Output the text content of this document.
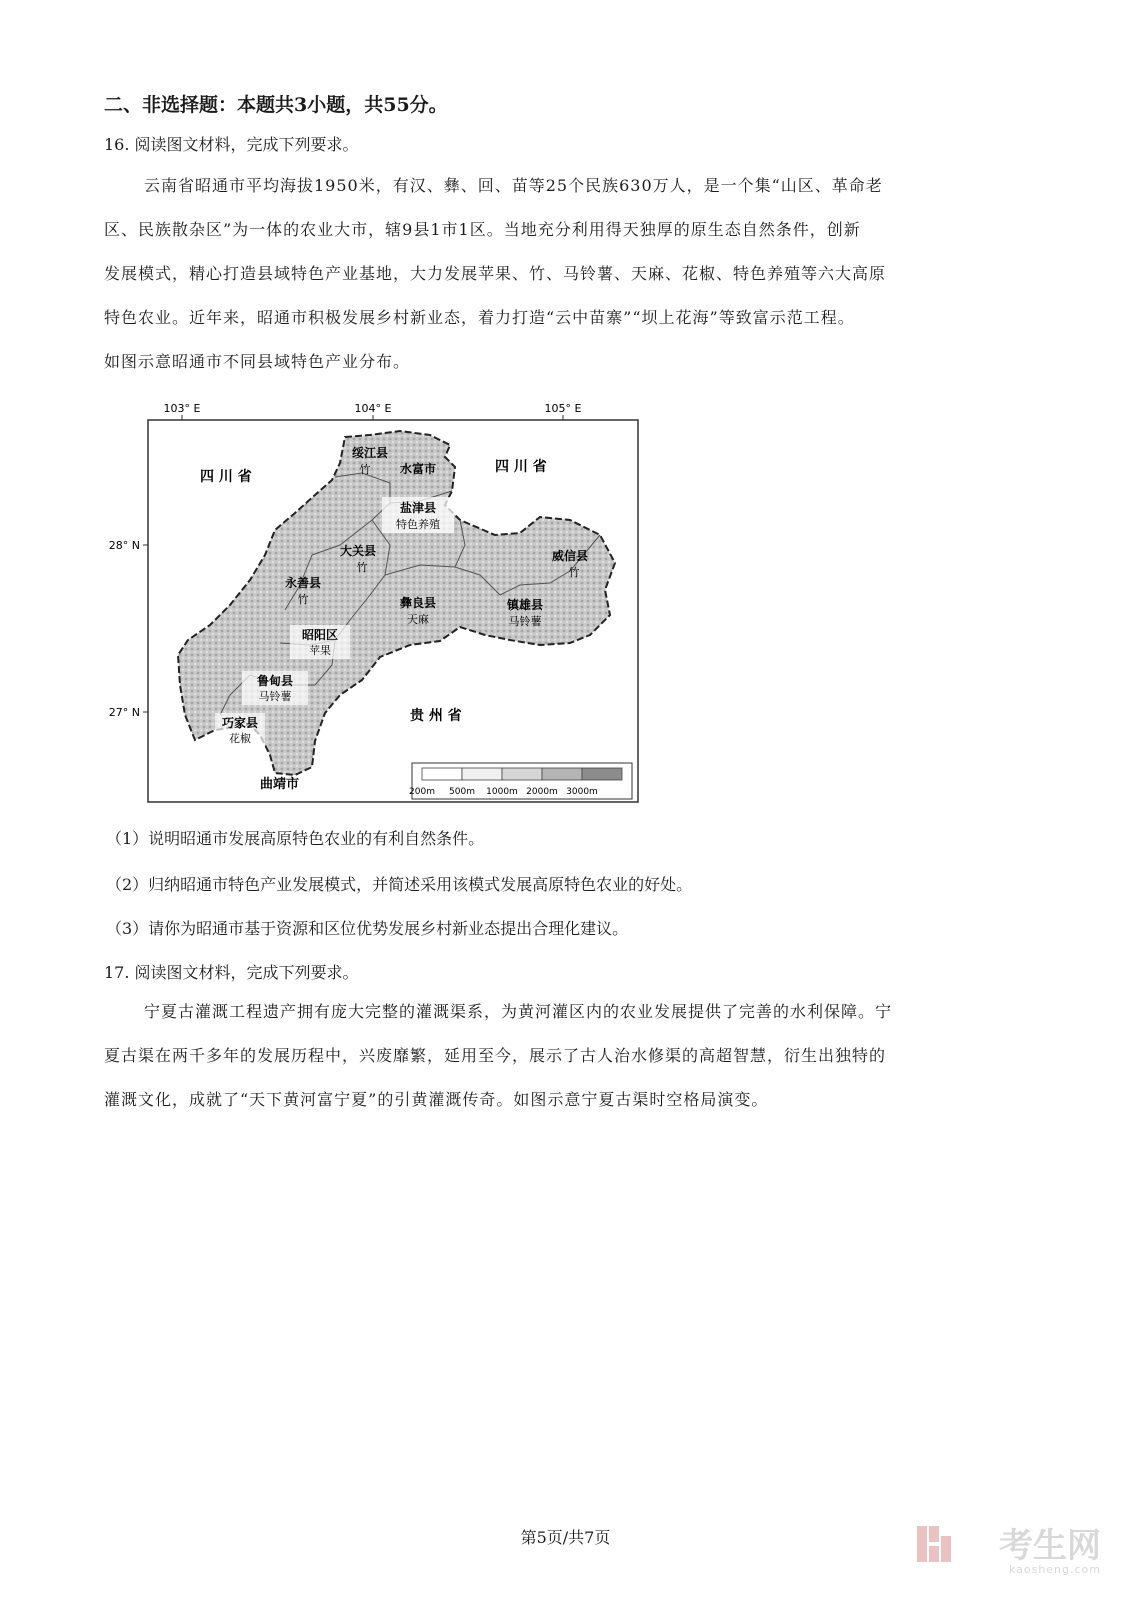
二、非选择题：本题共3小题，共55分。
16. 阅读图文材料，完成下列要求。
云南省昭通市平均海拔1950米，有汉、彝、回、苗等25个民族630万人，是一个集“山区、革命老
区、民族散杂区”为一体的农业大市，辖9县1市1区。当地充分利用得天独厚的原生态自然条件，创新
发展模式，精心打造县域特色产业基地，大力发展苹果、竹、马铃薯、天麻、花椒、特色养殖等六大高原
特色农业。近年来，昭通市积极发展乡村新业态，着力打造“云中苗寨”“坝上花海”等致富示范工程。
如图示意昭通市不同县域特色产业分布。
103° E	104° E	105° E
28° N
27° N
四 川 省
四 川 省
贵 州 省
曲靖市
绥江县
竹 水富市
盐津县
特色养殖
大关县
竹
威信县
竹
永善县
竹	彝良县
天麻
镇雄县
马铃薯
昭阳区
苹果
鲁甸县
马铃薯
巧家县
花椒
200m 500m 1000m 2000m 3000m
（1）说明昭通市发展高原特色农业的有利自然条件。
（2）归纳昭通市特色产业发展模式，并简述采用该模式发展高原特色农业的好处。
（3）请你为昭通市基于资源和区位优势发展乡村新业态提出合理化建议。
17. 阅读图文材料，完成下列要求。
宁夏古灌溉工程遗产拥有庞大完整的灌溉渠系，为黄河灌区内的农业发展提供了完善的水利保障。宁
夏古渠在两千多年的发展历程中，兴废靡繁，延用至今，展示了古人治水修渠的高超智慧，衍生出独特的
灌溉文化，成就了“天下黄河富宁夏”的引黄灌溉传奇。如图示意宁夏古渠时空格局演变。
第5页/共7页	考生网
kaosheng.com
